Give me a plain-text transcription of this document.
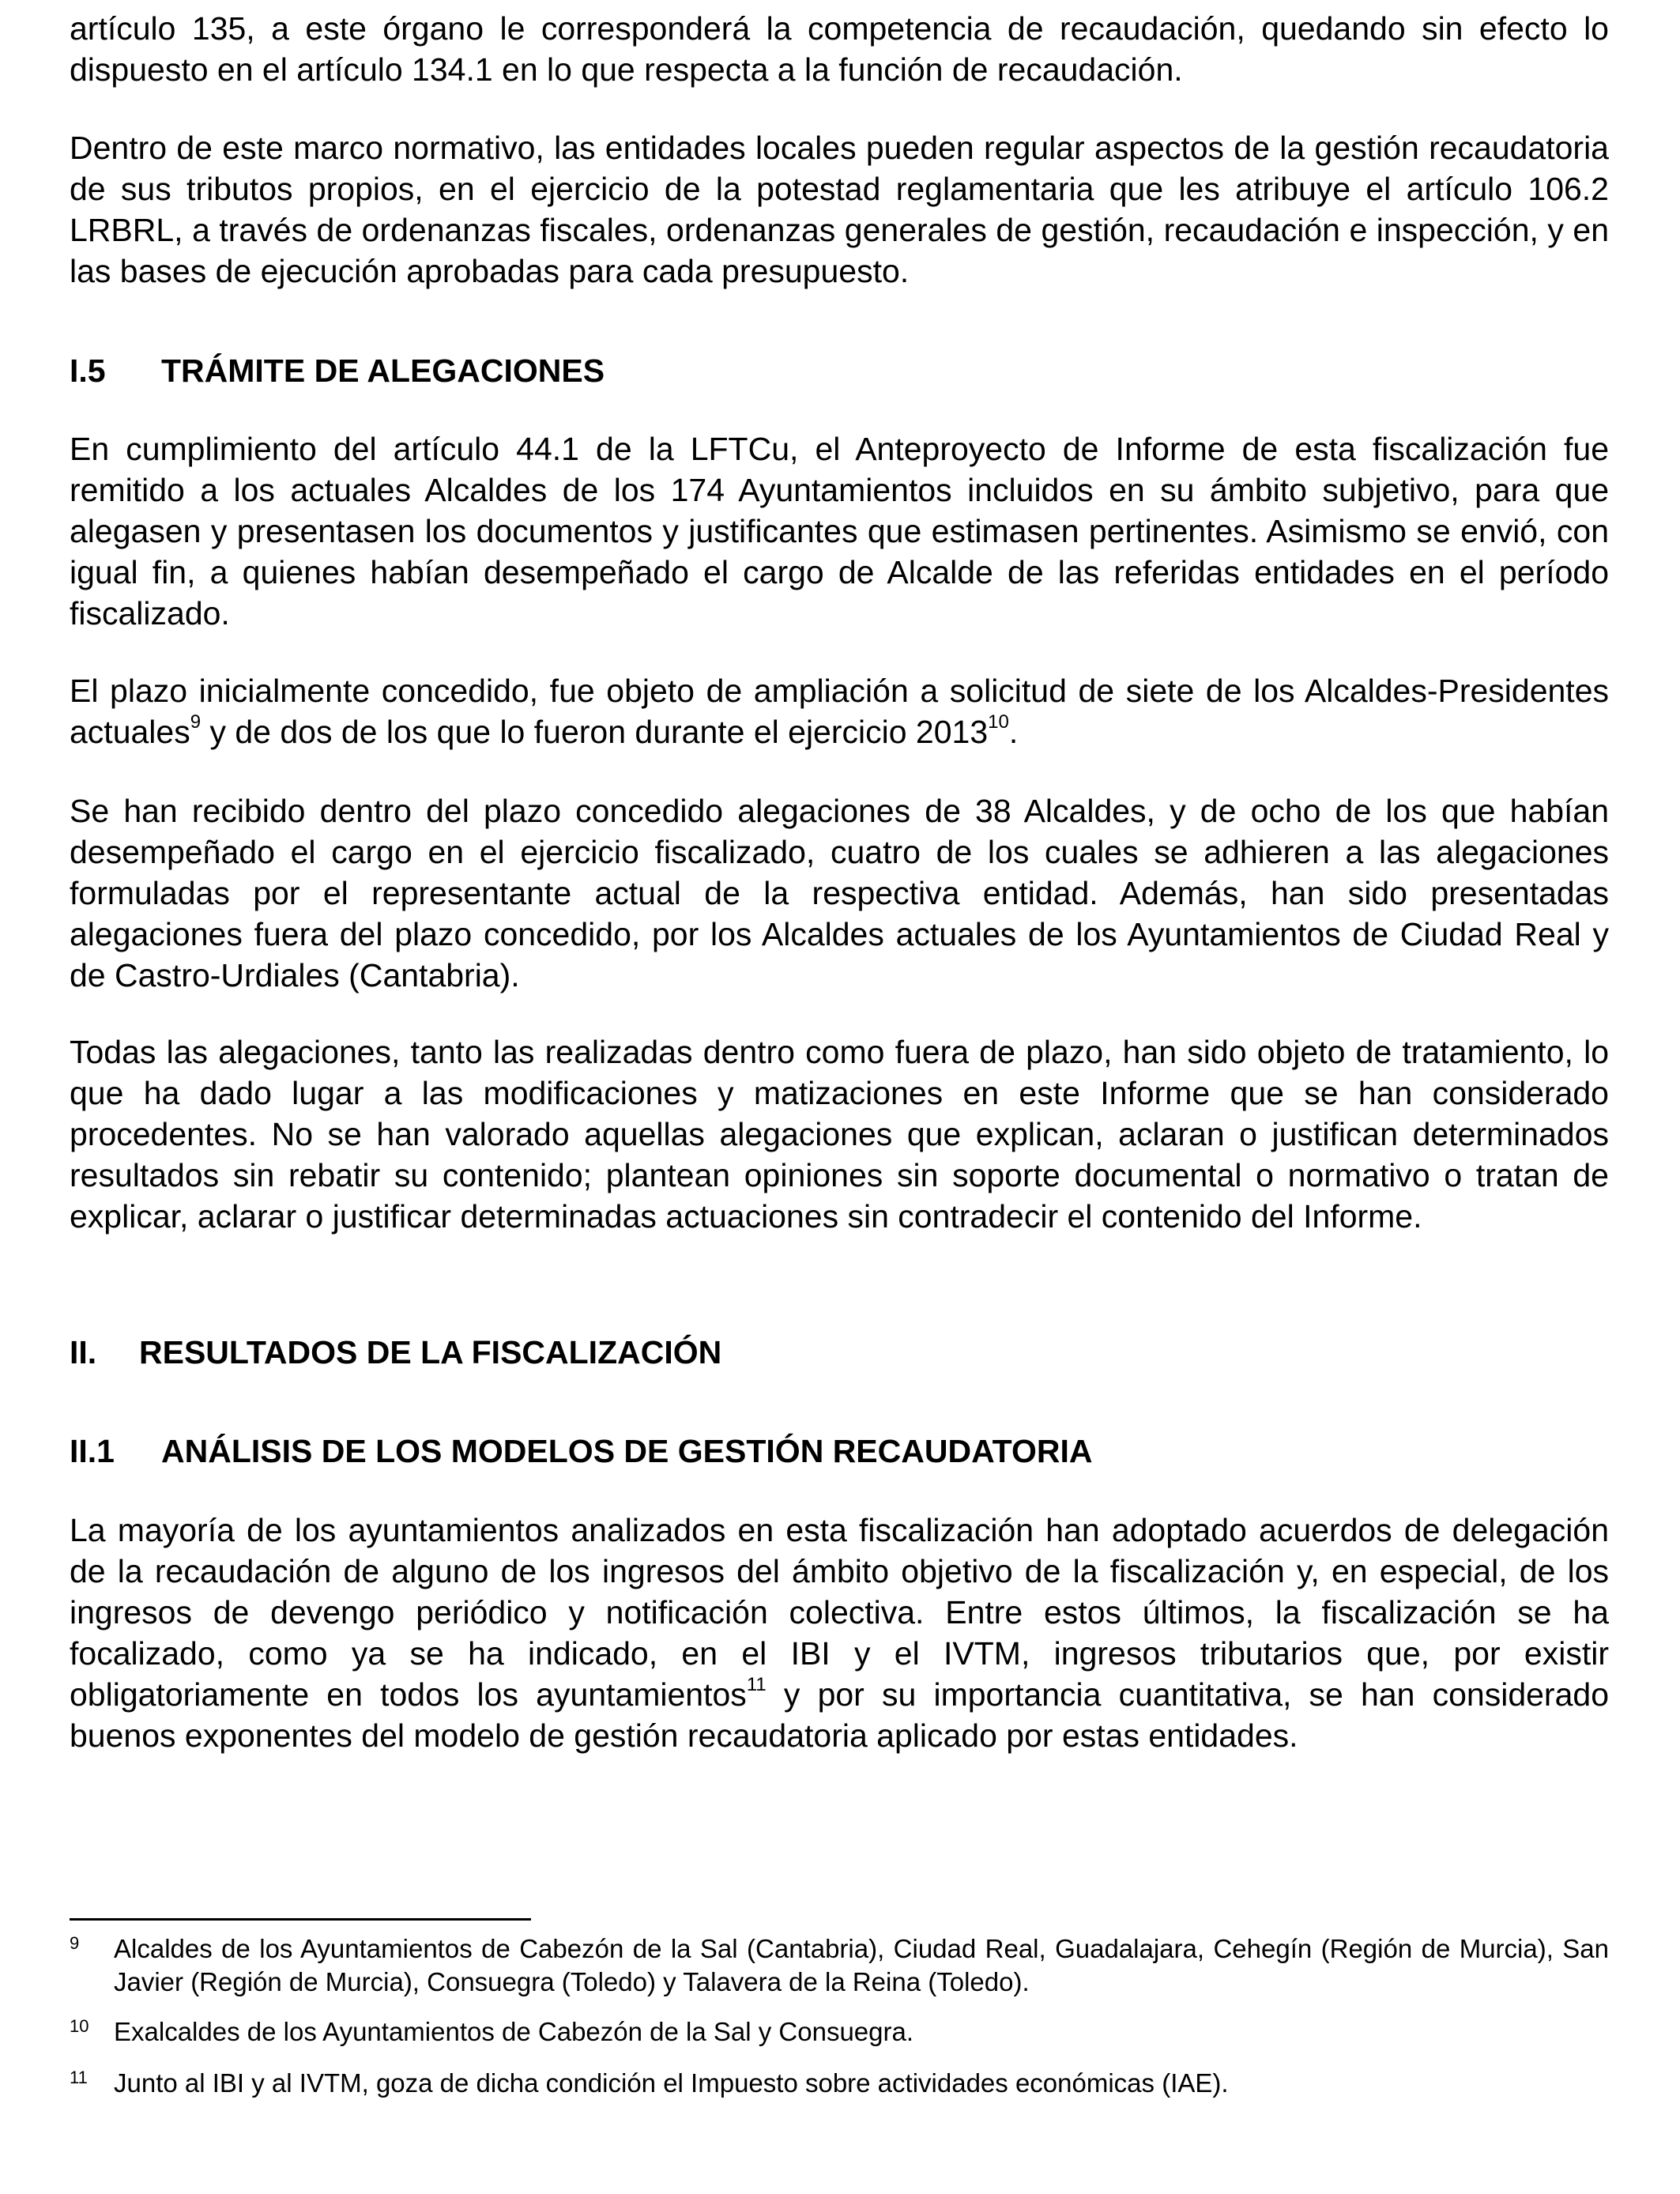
artículo 135, a este órgano le corresponderá la competencia de recaudación, quedando sin efecto lo dispuesto en el artículo 134.1 en lo que respecta a la función de recaudación.

Dentro de este marco normativo, las entidades locales pueden regular aspectos de la gestión recaudatoria de sus tributos propios, en el ejercicio de la potestad reglamentaria que les atribuye el artículo 106.2 LRBRL, a través de ordenanzas fiscales, ordenanzas generales de gestión, recaudación e inspección, y en las bases de ejecución aprobadas para cada presupuesto.

I.5	TRÁMITE DE ALEGACIONES

En cumplimiento del artículo 44.1 de la LFTCu, el Anteproyecto de Informe de esta fiscalización fue remitido a los actuales Alcaldes de los 174 Ayuntamientos incluidos en su ámbito subjetivo, para que alegasen y presentasen los documentos y justificantes que estimasen pertinentes. Asimismo se envió, con igual fin, a quienes habían desempeñado el cargo de Alcalde de las referidas entidades en el período fiscalizado.

El plazo inicialmente concedido, fue objeto de ampliación a solicitud de siete de los Alcaldes-Presidentes actuales$^9$ y de dos de los que lo fueron durante el ejercicio 2013$^{10}$.

Se han recibido dentro del plazo concedido alegaciones de 38 Alcaldes, y de ocho de los que habían desempeñado el cargo en el ejercicio fiscalizado, cuatro de los cuales se adhieren a las alegaciones formuladas por el representante actual de la respectiva entidad. Además, han sido presentadas alegaciones fuera del plazo concedido, por los Alcaldes actuales de los Ayuntamientos de Ciudad Real y de Castro-Urdiales (Cantabria).

Todas las alegaciones, tanto las realizadas dentro como fuera de plazo, han sido objeto de tratamiento, lo que ha dado lugar a las modificaciones y matizaciones en este Informe que se han considerado procedentes. No se han valorado aquellas alegaciones que explican, aclaran o justifican determinados resultados sin rebatir su contenido; plantean opiniones sin soporte documental o normativo o tratan de explicar, aclarar o justificar determinadas actuaciones sin contradecir el contenido del Informe.

II.	RESULTADOS DE LA FISCALIZACIÓN
II.1	ANÁLISIS DE LOS MODELOS DE GESTIÓN RECAUDATORIA

La mayoría de los ayuntamientos analizados en esta fiscalización han adoptado acuerdos de delegación de la recaudación de alguno de los ingresos del ámbito objetivo de la fiscalización y, en especial, de los ingresos de devengo periódico y notificación colectiva. Entre estos últimos, la fiscalización se ha focalizado, como ya se ha indicado, en el IBI y el IVTM, ingresos tributarios que, por existir obligatoriamente en todos los ayuntamientos$^{11}$ y por su importancia cuantitativa, se han considerado buenos exponentes del modelo de gestión recaudatoria aplicado por estas entidades.

9	Alcaldes de los Ayuntamientos de Cabezón de la Sal (Cantabria), Ciudad Real, Guadalajara, Cehegín (Región de Murcia), San Javier (Región de Murcia), Consuegra (Toledo) y Talavera de la Reina (Toledo).
10 Exalcaldes de los Ayuntamientos de Cabezón de la Sal y Consuegra.
11	Junto al IBI y al IVTM, goza de dicha condición el Impuesto sobre actividades económicas (IAE).
